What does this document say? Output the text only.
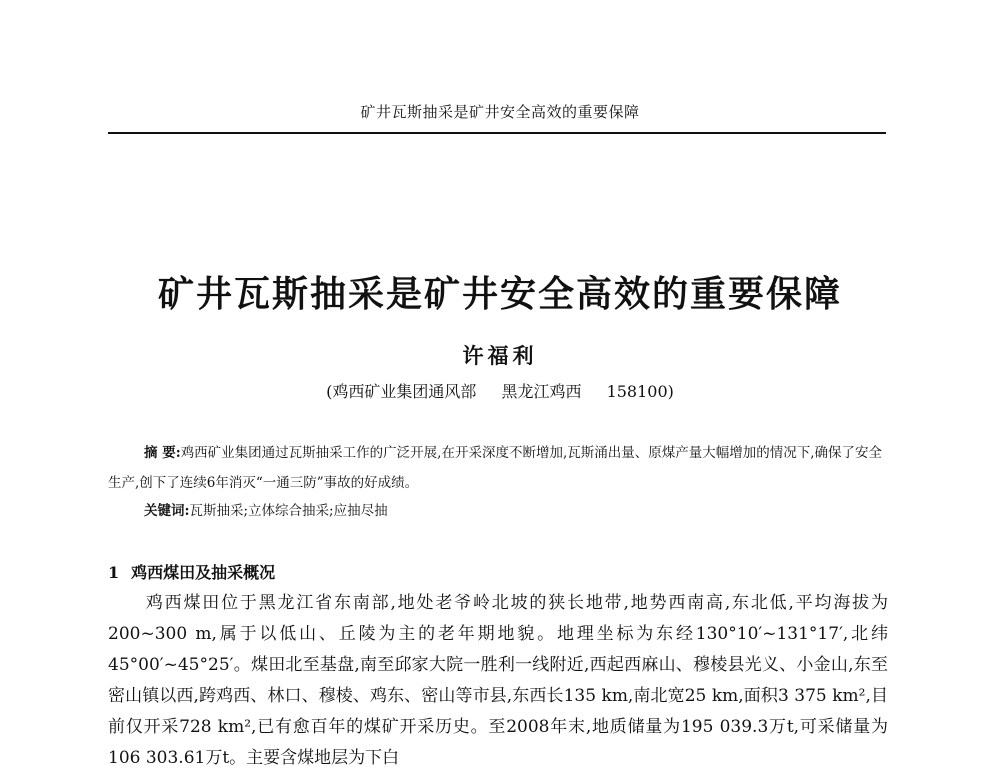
矿井瓦斯抽采是矿井安全高效的重要保障
矿井瓦斯抽采是矿井安全高效的重要保障
许福利
(鸡西矿业集团通风部 黑龙江鸡西 158100)
摘 要:鸡西矿业集团通过瓦斯抽采工作的广泛开展,在开采深度不断增加,瓦斯涌出量、原煤产量大幅增加的情况下,确保了安全生产,创下了连续6年消灭“一通三防”事故的好成绩。
关键词:瓦斯抽采;立体综合抽采;应抽尽抽
1 鸡西煤田及抽采概况
鸡西煤田位于黑龙江省东南部,地处老爷岭北坡的狭长地带,地势西南高,东北低,平均海拔为200~300 m,属于以低山、丘陵为主的老年期地貌。地理坐标为东经130°10′~131°17′,北纬45°00′~45°25′。煤田北至基盘,南至邱家大院一胜利一线附近,西起西麻山、穆棱县光义、小金山,东至密山镇以西,跨鸡西、林口、穆棱、鸡东、密山等市县,东西长135 km,南北宽25 km,面积3 375 km²,目前仅开采728 km²,已有愈百年的煤矿开采历史。至2008年末,地质储量为195 039.3万t,可采储量为106 303.61万t。主要含煤地层为下白
